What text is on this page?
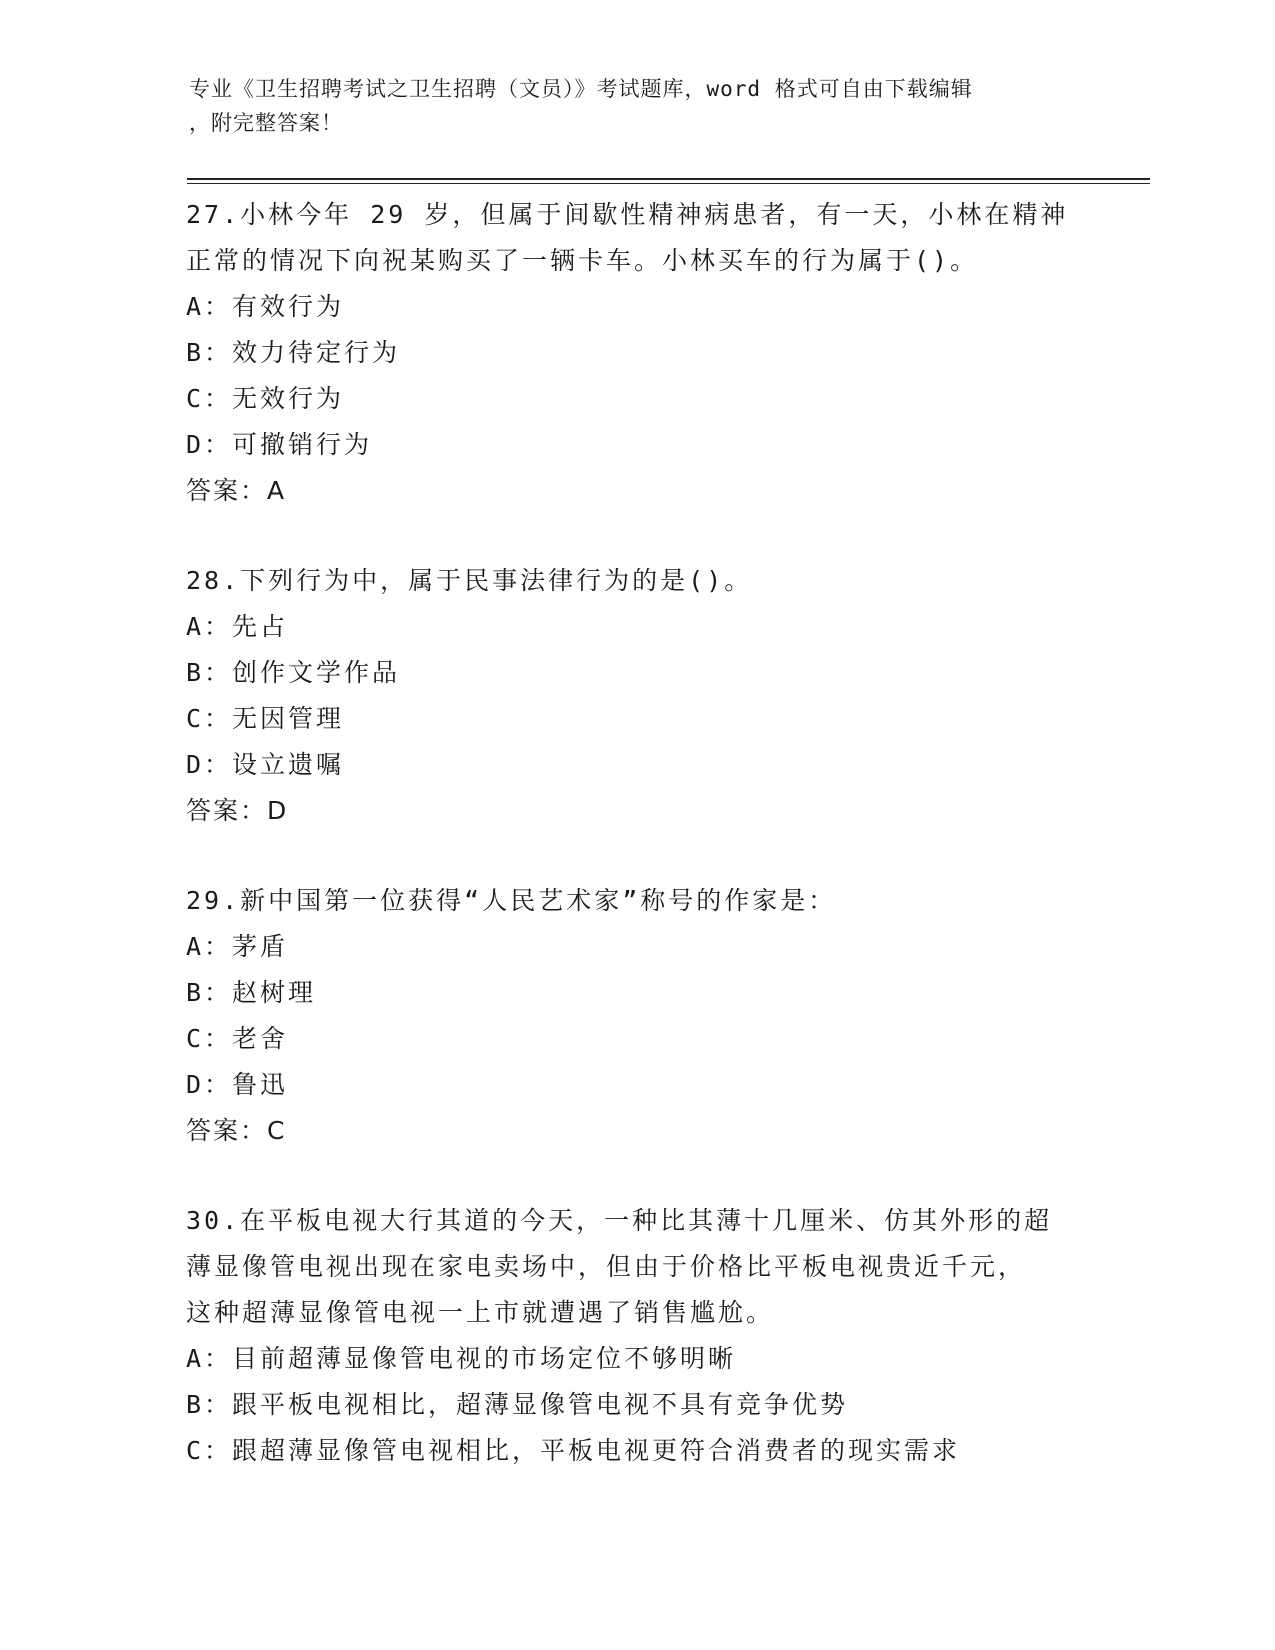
专业《卫生招聘考试之卫生招聘（文员）》考试题库，word 格式可自由下载编辑
，附完整答案！
27.小林今年 29 岁，但属于间歇性精神病患者，有一天，小林在精神
正常的情况下向祝某购买了一辆卡车。小林买车的行为属于()。
A：有效行为
B：效力待定行为
C：无效行为
D：可撤销行为
答案：A
28.下列行为中，属于民事法律行为的是()。
A：先占
B：创作文学作品
C：无因管理
D：设立遗嘱
答案：D
29.新中国第一位获得“人民艺术家”称号的作家是：
A：茅盾
B：赵树理
C：老舍
D：鲁迅
答案：C
30.在平板电视大行其道的今天，一种比其薄十几厘米、仿其外形的超
薄显像管电视出现在家电卖场中，但由于价格比平板电视贵近千元，
这种超薄显像管电视一上市就遭遇了销售尴尬。
A：目前超薄显像管电视的市场定位不够明晰
B：跟平板电视相比，超薄显像管电视不具有竞争优势
C：跟超薄显像管电视相比，平板电视更符合消费者的现实需求
